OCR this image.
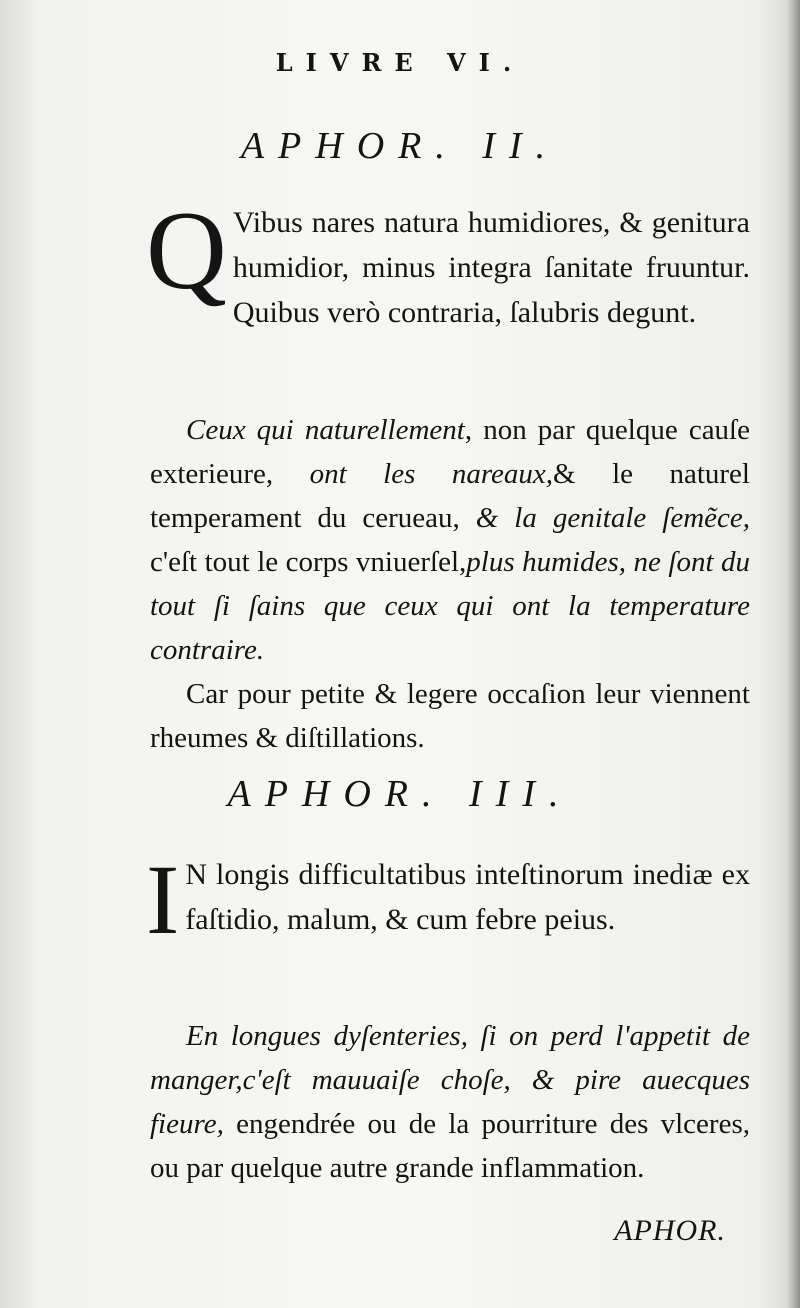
LIVRE VI.
APHOR. II.
Q Vibus nares natura humidiores, & genitura humidior, minus integra ſanitate fruuntur. Quibus verò contraria, ſalubris degunt.

Ceux qui naturellement, non par quelque cauſe exterieure, ont les nareaux,& le naturel temperament du cerueau, & la genitale ſemẽce, c'eſt tout le corps vniuerſel,plus humides, ne ſont du tout ſi ſains que ceux qui ont la temperature contraire.

Car pour petite & legere occaſion leur viennent rheumes & diſtillations.

APHOR. III.
I N longis difficultatibus inteſtinorum inediæ ex faſtidio, malum, & cum febre peius.

En longues dyſenteries, ſi on perd l'appetit de manger,c'eſt mauuaiſe choſe, & pire auecques fieure, engendrée ou de la pourriture des vlceres, ou par quelque autre grande inflammation.

APHOR.
